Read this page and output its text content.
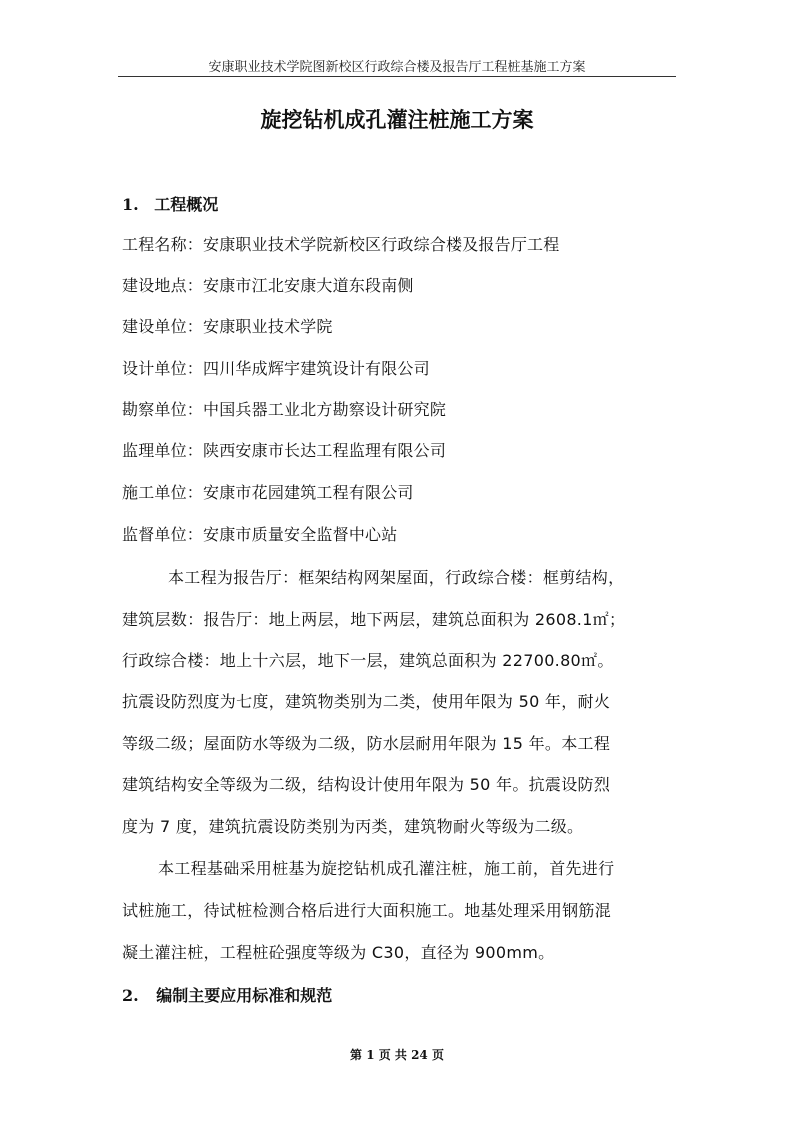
安康职业技术学院图新校区行政综合楼及报告厅工程桩基施工方案
旋挖钻机成孔灌注桩施工方案
1. 工程概况
工程名称：安康职业技术学院新校区行政综合楼及报告厅工程
建设地点：安康市江北安康大道东段南侧
建设单位：安康职业技术学院
设计单位：四川华成辉宇建筑设计有限公司
勘察单位：中国兵器工业北方勘察设计研究院
监理单位：陕西安康市长达工程监理有限公司
施工单位：安康市花园建筑工程有限公司
监督单位：安康市质量安全监督中心站
本工程为报告厅：框架结构网架屋面，行政综合楼：框剪结构，
建筑层数：报告厅：地上两层，地下两层，建筑总面积为 2608.1㎡；
行政综合楼：地上十六层，地下一层，建筑总面积为 22700.80㎡。
抗震设防烈度为七度，建筑物类别为二类，使用年限为 50 年，耐火
等级二级；屋面防水等级为二级，防水层耐用年限为 15 年。本工程
建筑结构安全等级为二级，结构设计使用年限为 50 年。抗震设防烈
度为 7 度，建筑抗震设防类别为丙类，建筑物耐火等级为二级。
本工程基础采用桩基为旋挖钻机成孔灌注桩，施工前，首先进行
试桩施工，待试桩检测合格后进行大面积施工。地基处理采用钢筋混
凝土灌注桩，工程桩砼强度等级为 C30，直径为 900mm。
2. 编制主要应用标准和规范
第 1 页 共 24 页
